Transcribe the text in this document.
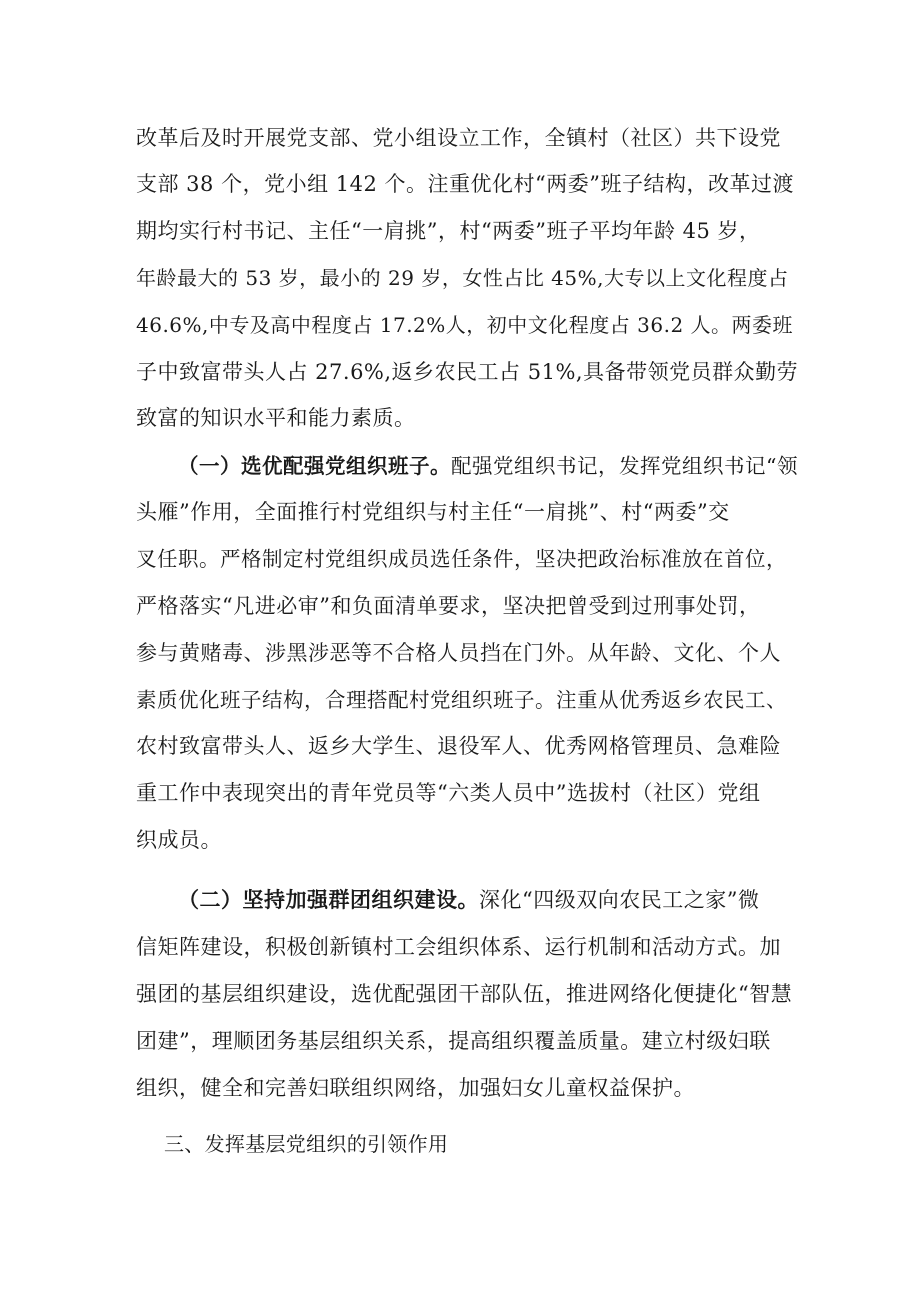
改革后及时开展党支部、党小组设立工作，全镇村（社区）共下设党

支部 38 个，党小组 142 个。注重优化村“两委”班子结构，改革过渡

期均实行村书记、主任“一肩挑”，村“两委”班子平均年龄 45 岁，

年龄最大的 53 岁，最小的 29 岁，女性占比 45%,大专以上文化程度占

46.6%,中专及高中程度占 17.2%人，初中文化程度占 36.2 人。两委班

子中致富带头人占 27.6%,返乡农民工占 51%,具备带领党员群众勤劳

致富的知识水平和能力素质。

（一）选优配强党组织班子。配强党组织书记，发挥党组织书记“领

头雁”作用，全面推行村党组织与村主任“一肩挑”、村“两委”交

叉任职。严格制定村党组织成员选任条件，坚决把政治标准放在首位，

严格落实“凡进必审”和负面清单要求，坚决把曾受到过刑事处罚，

参与黄赌毒、涉黑涉恶等不合格人员挡在门外。从年龄、文化、个人

素质优化班子结构，合理搭配村党组织班子。注重从优秀返乡农民工、

农村致富带头人、返乡大学生、退役军人、优秀网格管理员、急难险

重工作中表现突出的青年党员等“六类人员中”选拔村（社区）党组

织成员。

（二）坚持加强群团组织建设。深化“四级双向农民工之家”微

信矩阵建设，积极创新镇村工会组织体系、运行机制和活动方式。加

强团的基层组织建设，选优配强团干部队伍，推进网络化便捷化“智慧

团建”，理顺团务基层组织关系，提高组织覆盖质量。建立村级妇联

组织，健全和完善妇联组织网络，加强妇女儿童权益保护。

三、发挥基层党组织的引领作用
